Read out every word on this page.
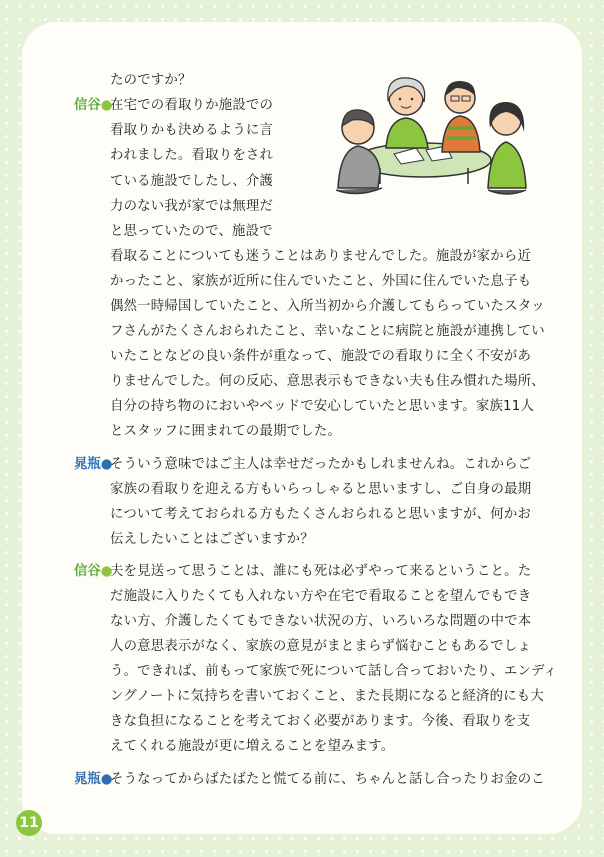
たのですか？
信谷●
在宅での看取りか施設での
看取りかも決めるように言
われました。看取りをされ
ている施設でしたし、介護
力のない我が家では無理だ
と思っていたので、施設で
看取ることについても迷うことはありませんでした。施設が家から近
かったこと、家族が近所に住んでいたこと、外国に住んでいた息子も
偶然一時帰国していたこと、入所当初から介護してもらっていたスタッ
フさんがたくさんおられたこと、幸いなことに病院と施設が連携してい
いたことなどの良い条件が重なって、施設での看取りに全く不安があ
りませんでした。何の反応、意思表示もできない夫も住み慣れた場所、
自分の持ち物のにおいやベッドで安心していたと思います。家族11人
とスタッフに囲まれての最期でした。
晁瓶●
そういう意味ではご主人は幸せだったかもしれませんね。これからご
家族の看取りを迎える方もいらっしゃると思いますし、ご自身の最期
について考えておられる方もたくさんおられると思いますが、何かお
伝えしたいことはございますか？
信谷●
夫を見送って思うことは、誰にも死は必ずやって来るということ。た
だ施設に入りたくても入れない方や在宅で看取ることを望んでもでき
ない方、介護したくてもできない状況の方、いろいろな問題の中で本
人の意思表示がなく、家族の意見がまとまらず悩むこともあるでしょ
う。できれば、前もって家族で死について話し合っておいたり、エンディ
ングノートに気持ちを書いておくこと、また長期になると経済的にも大
きな負担になることを考えておく必要があります。今後、看取りを支
えてくれる施設が更に増えることを望みます。
晁瓶●
そうなってからばたばたと慌てる前に、ちゃんと話し合ったりお金のこ
11
